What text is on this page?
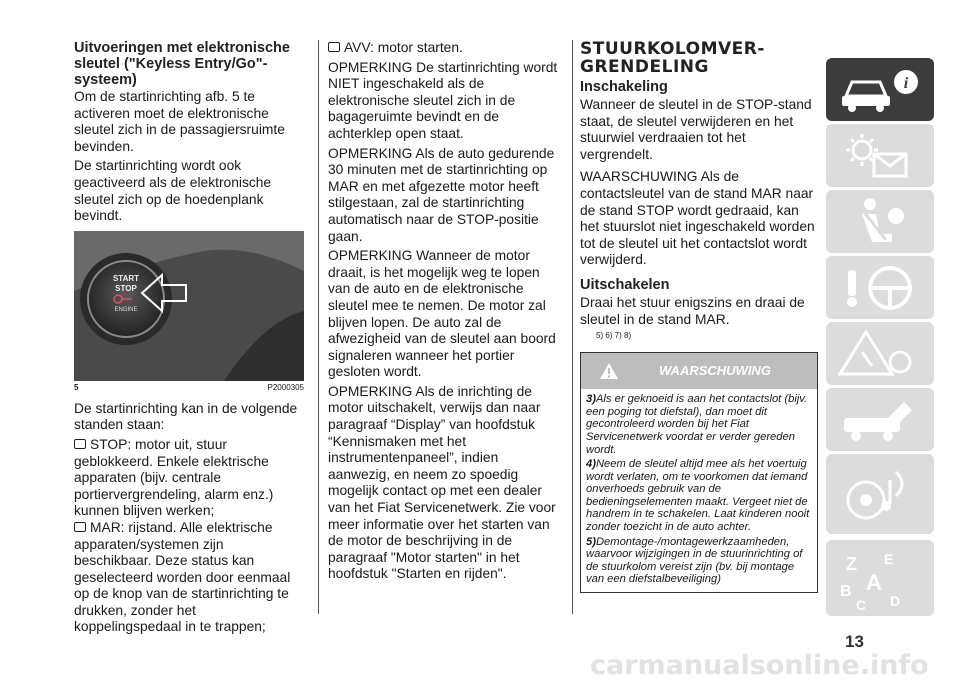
Uitvoeringen met elektronische sleutel ("Keyless Entry/Go"-systeem)

Om de startinrichting afb. 5 te activeren moet de elektronische sleutel zich in de passagiersruimte bevinden.

De startinrichting wordt ook geactiveerd als de elektronische sleutel zich op de hoedenplank bevindt.

START
STOP
ENGINE
5	P2000305

De startinrichting kan in de volgende standen staan:

STOP: motor uit, stuur geblokkeerd. Enkele elektrische apparaten (bijv. centrale portiervergrendeling, alarm enz.) kunnen blijven werken;
MAR: rijstand. Alle elektrische apparaten/systemen zijn beschikbaar. Deze status kan geselecteerd worden door eenmaal op de knop van de startinrichting te drukken, zonder het koppelingspedaal in te trappen;
AVV: motor starten.

OPMERKING De startinrichting wordt NIET ingeschakeld als de elektronische sleutel zich in de bagageruimte bevindt en de achterklep open staat.

OPMERKING Als de auto gedurende 30 minuten met de startinrichting op MAR en met afgezette motor heeft stilgestaan, zal de startinrichting automatisch naar de STOP-positie gaan.

OPMERKING Wanneer de motor draait, is het mogelijk weg te lopen van de auto en de elektronische sleutel mee te nemen. De motor zal blijven lopen. De auto zal de afwezigheid van de sleutel aan boord signaleren wanneer het portier gesloten wordt.

OPMERKING Als de inrichting de motor uitschakelt, verwijs dan naar paragraaf “Display” van hoofdstuk “Kennismaken met het instrumentenpaneel”, indien aanwezig, en neem zo spoedig mogelijk contact op met een dealer van het Fiat Servicenetwerk. Zie voor meer informatie over het starten van de motor de beschrijving in de paragraaf "Motor starten" in het hoofdstuk "Starten en rijden".

STUURKOLOMVER-
GRENDELING
Inschakeling

Wanneer de sleutel in de STOP-stand staat, de sleutel verwijderen en het stuurwiel verdraaien tot het vergrendelt.

WAARSCHUWING Als de contactsleutel van de stand MAR naar de stand STOP wordt gedraaid, kan het stuurslot niet ingeschakeld worden tot de sleutel uit het contactslot wordt verwijderd.

Uitschakelen

Draai het stuur enigszins en draai de sleutel in de stand MAR.

5) 6) 7) 8)
WAARSCHUWING

3)Als er geknoeid is aan het contactslot (bijv. een poging tot diefstal), dan moet dit gecontroleerd worden bij het Fiat Servicenetwerk voordat er verder gereden wordt.

4)Neem de sleutel altijd mee als het voertuig wordt verlaten, om te voorkomen dat iemand onverhoeds gebruik van de bedieningselementen maakt. Vergeet niet de handrem in te schakelen. Laat kinderen nooit zonder toezicht in de auto achter.

5)Demontage-/montagewerkzaamheden, waarvoor wijzigingen in de stuurinrichting of de stuurkolom vereist zijn (bv. bij montage van een diefstalbeveiliging)

i
Z E
B A
C D
13
carmanualsonline.info
